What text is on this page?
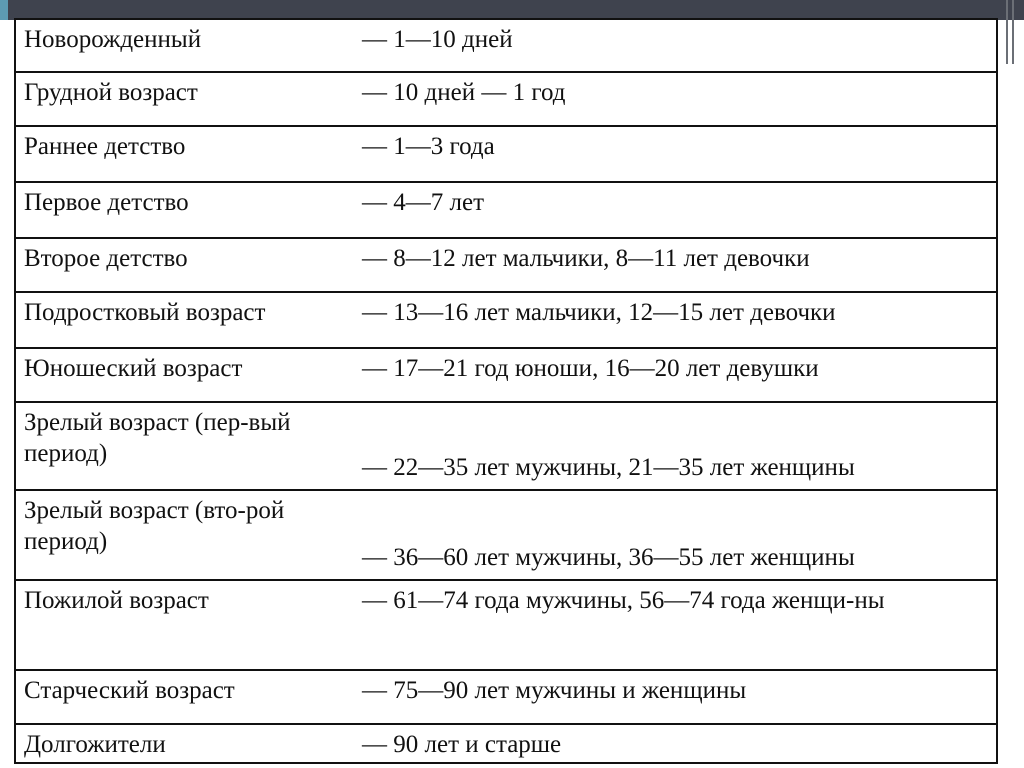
Новорожденный	— 1—10 дней
Грудной возраст	— 10 дней — 1 год
Раннее детство	— 1—3 года
Первое детство	— 4—7 лет
Второе детство	— 8—12 лет мальчики, 8—11 лет девочки
Подростковый возраст	— 13—16 лет мальчики, 12—15 лет девочки
Юношеский возраст	— 17—21 год юноши, 16—20 лет девушки
Зрелый возраст (пер-вый период)	— 22—35 лет мужчины, 21—35 лет женщины
Зрелый возраст (вто-рой период)	— 36—60 лет мужчины, 36—55 лет женщины
Пожилой возраст	— 61—74 года мужчины, 56—74 года женщи-ны
Старческий возраст	— 75—90 лет мужчины и женщины
Долгожители	— 90 лет и старше
